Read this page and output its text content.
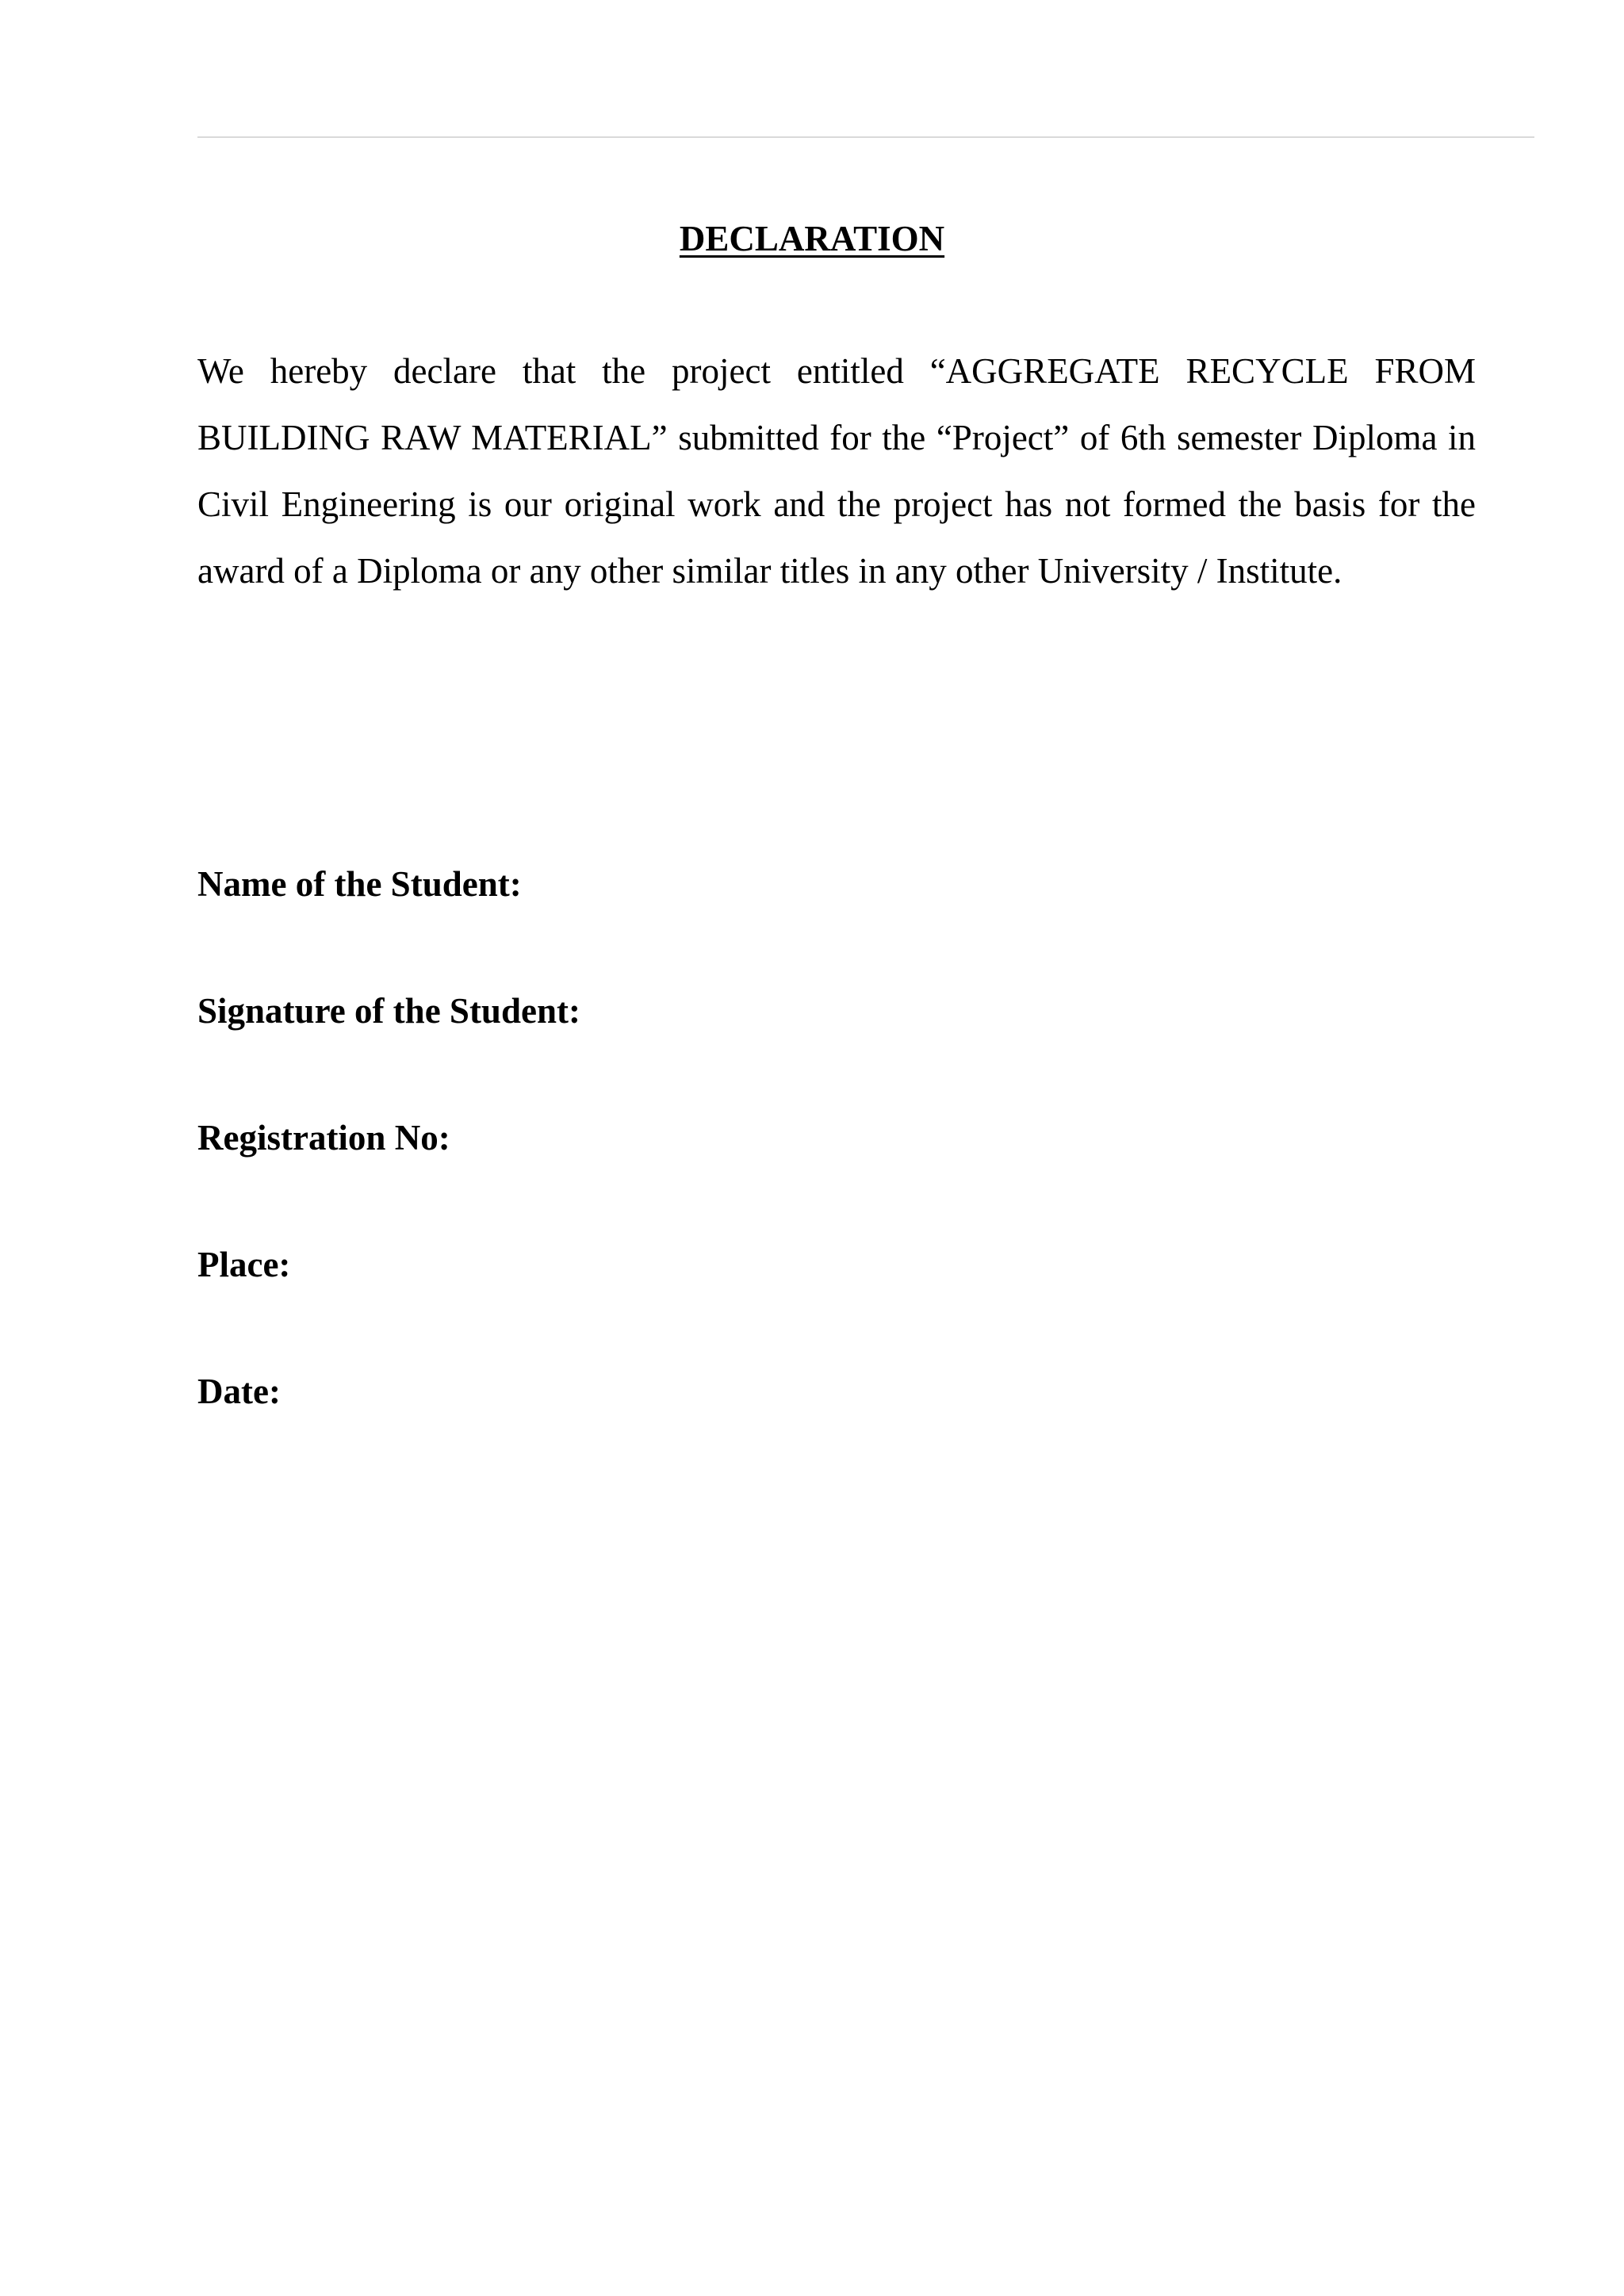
DECLARATION

We hereby declare that the project entitled “AGGREGATE RECYCLE FROM BUILDING RAW MATERIAL” submitted for the “Project” of 6th semester Diploma in Civil Engineering is our original work and the project has not formed the basis for the award of a Diploma or any other similar titles in any other University / Institute.

Name of the Student:

Signature of the Student:

Registration No:

Place:

Date:
